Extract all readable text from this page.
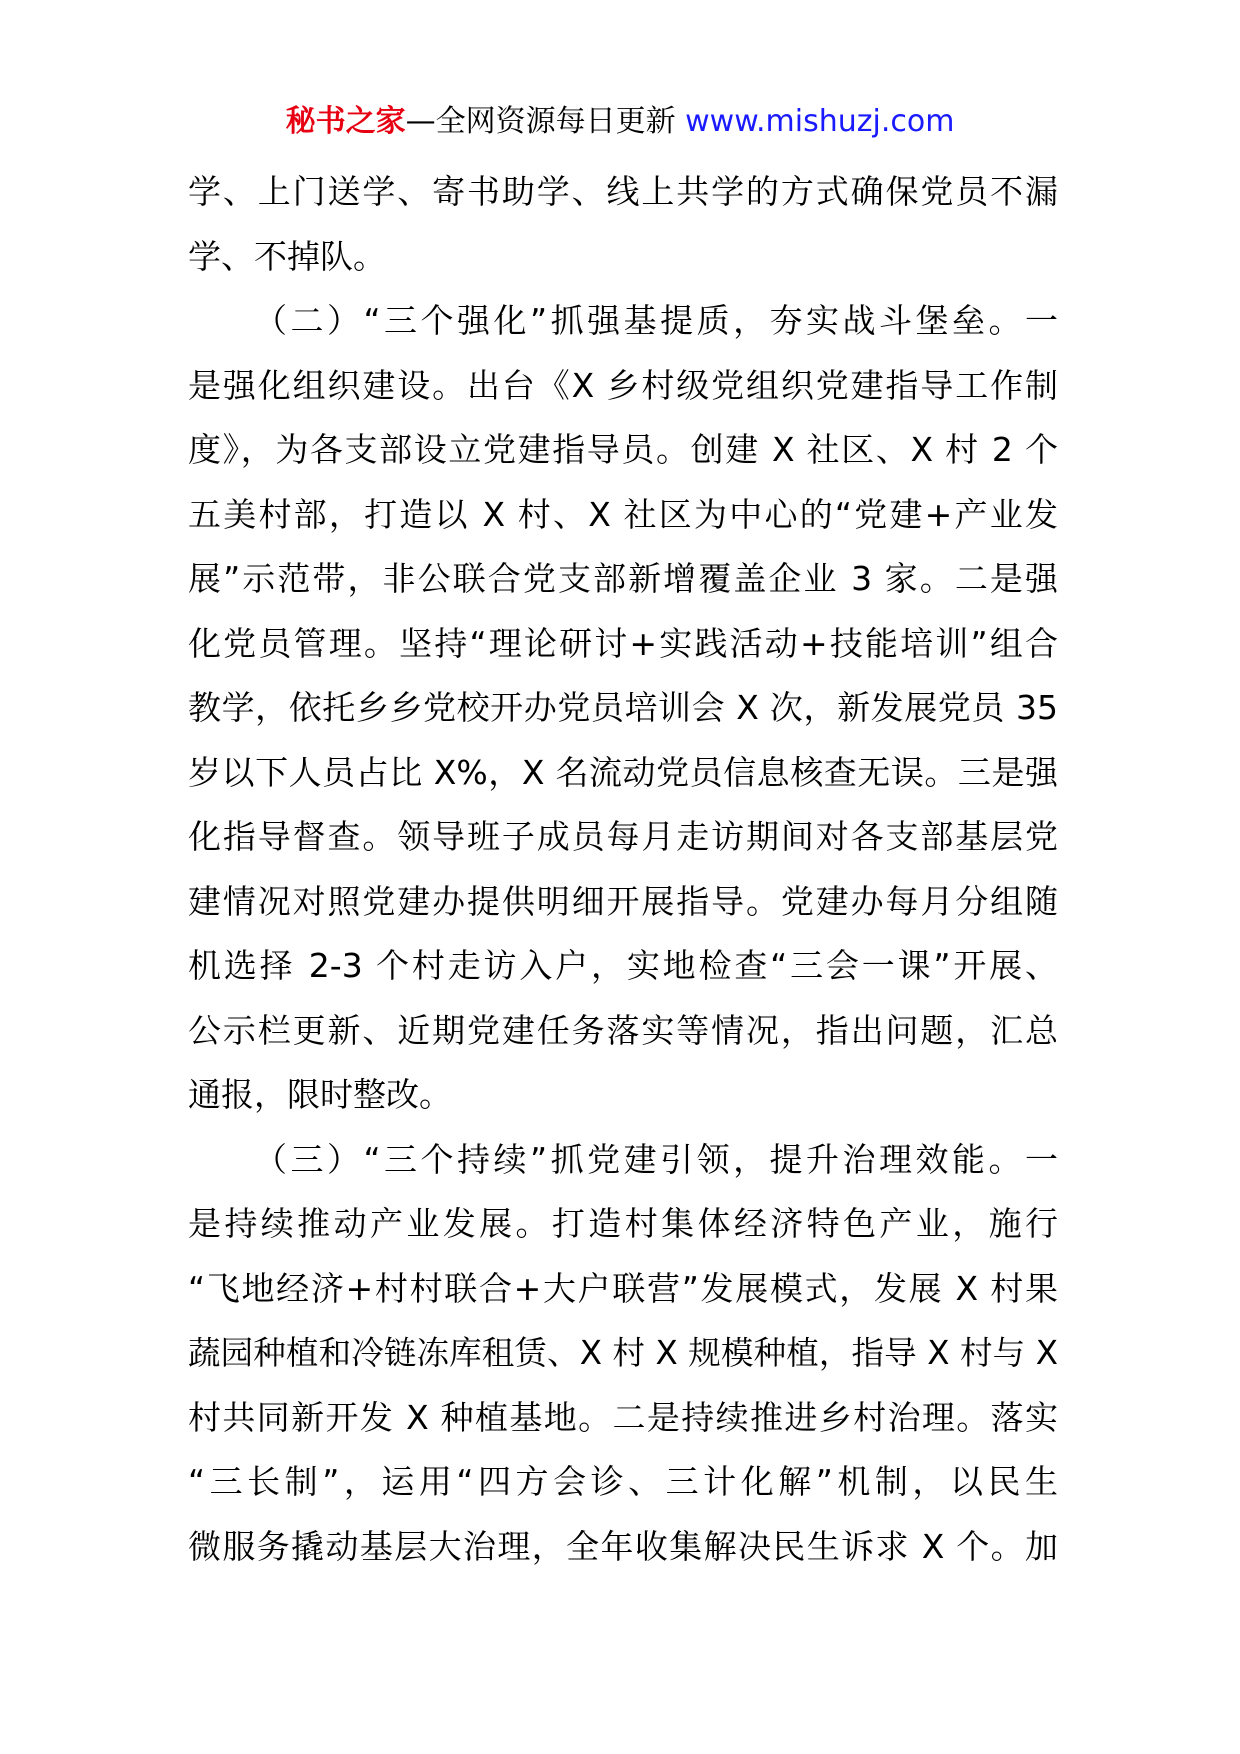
秘书之家—全网资源每日更新 www.mishuzj.com
学、上门送学、寄书助学、线上共学的方式确保党员不漏
学、不掉队。
（二）“三个强化”抓强基提质，夯实战斗堡垒。一
是强化组织建设。出台《X 乡村级党组织党建指导工作制
度》，为各支部设立党建指导员。创建 X 社区、X 村 2 个
五美村部，打造以 X 村、X 社区为中心的“党建+产业发
展”示范带，非公联合党支部新增覆盖企业 3 家。二是强
化党员管理。坚持“理论研讨+实践活动+技能培训”组合
教学，依托乡乡党校开办党员培训会 X 次，新发展党员 35
岁以下人员占比 X%，X 名流动党员信息核查无误。三是强
化指导督查。领导班子成员每月走访期间对各支部基层党
建情况对照党建办提供明细开展指导。党建办每月分组随
机选择 2-3 个村走访入户，实地检查“三会一课”开展、
公示栏更新、近期党建任务落实等情况，指出问题，汇总
通报，限时整改。
（三）“三个持续”抓党建引领，提升治理效能。一
是持续推动产业发展。打造村集体经济特色产业，施行
“飞地经济+村村联合+大户联营”发展模式，发展 X 村果
蔬园种植和冷链冻库租赁、X 村 X 规模种植，指导 X 村与 X
村共同新开发 X 种植基地。二是持续推进乡村治理。落实
“三长制”，运用“四方会诊、三计化解”机制，以民生
微服务撬动基层大治理，全年收集解决民生诉求 X 个。加
